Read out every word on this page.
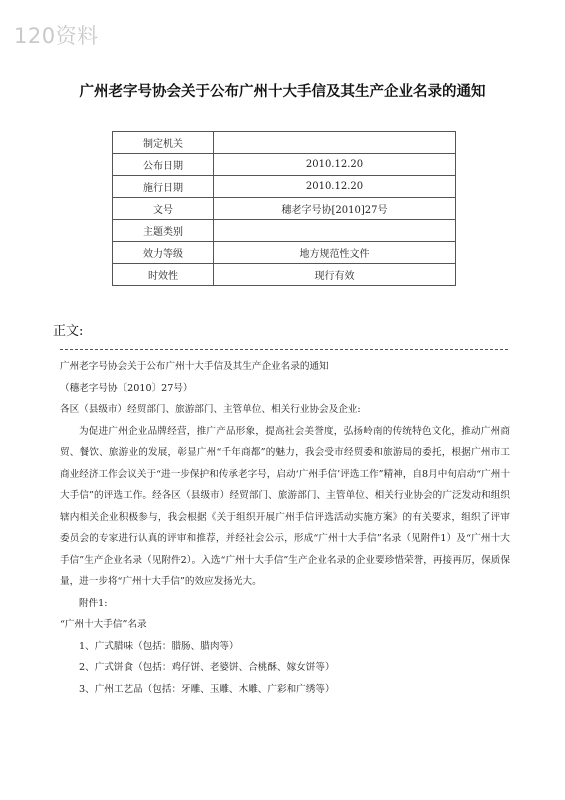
120资料
广州老字号协会关于公布广州十大手信及其生产企业名录的通知
制定机关	
公布日期	2010.12.20
施行日期	2010.12.20
文号	穗老字号协[2010]27号
主题类别	
效力等级	地方规范性文件
时效性	现行有效
正文:

广州老字号协会关于公布广州十大手信及其生产企业名录的通知

（穗老字号协〔2010〕27号）

各区（县级市）经贸部门、旅游部门、主管单位、相关行业协会及企业:

为促进广州企业品牌经营，推广产品形象，提高社会美誉度，弘扬岭南的传统特色文化，推动广州商贸、餐饮、旅游业的发展，彰显广州“千年商都”的魅力，我会受市经贸委和旅游局的委托，根据广州市工商业经济工作会议关于“进一步保护和传承老字号，启动‘广州手信’评选工作”精神，自8月中旬启动“广州十大手信”的评选工作。经各区（县级市）经贸部门、旅游部门、主管单位、相关行业协会的广泛发动和组织辖内相关企业积极参与，我会根据《关于组织开展广州手信评选活动实施方案》的有关要求，组织了评审委员会的专家进行认真的评审和推荐，并经社会公示，形成“广州十大手信”名录（见附件1）及“广州十大手信”生产企业名录（见附件2）。入选“广州十大手信”生产企业名录的企业要珍惜荣誉，再接再厉，保质保量，进一步将“广州十大手信”的效应发扬光大。

附件1:

“广州十大手信”名录

1、广式腊味（包括：腊肠、腊肉等）

2、广式饼食（包括：鸡仔饼、老婆饼、合桃酥、嫁女饼等）

3、广州工艺品（包括：牙雕、玉雕、木雕、广彩和广绣等）
